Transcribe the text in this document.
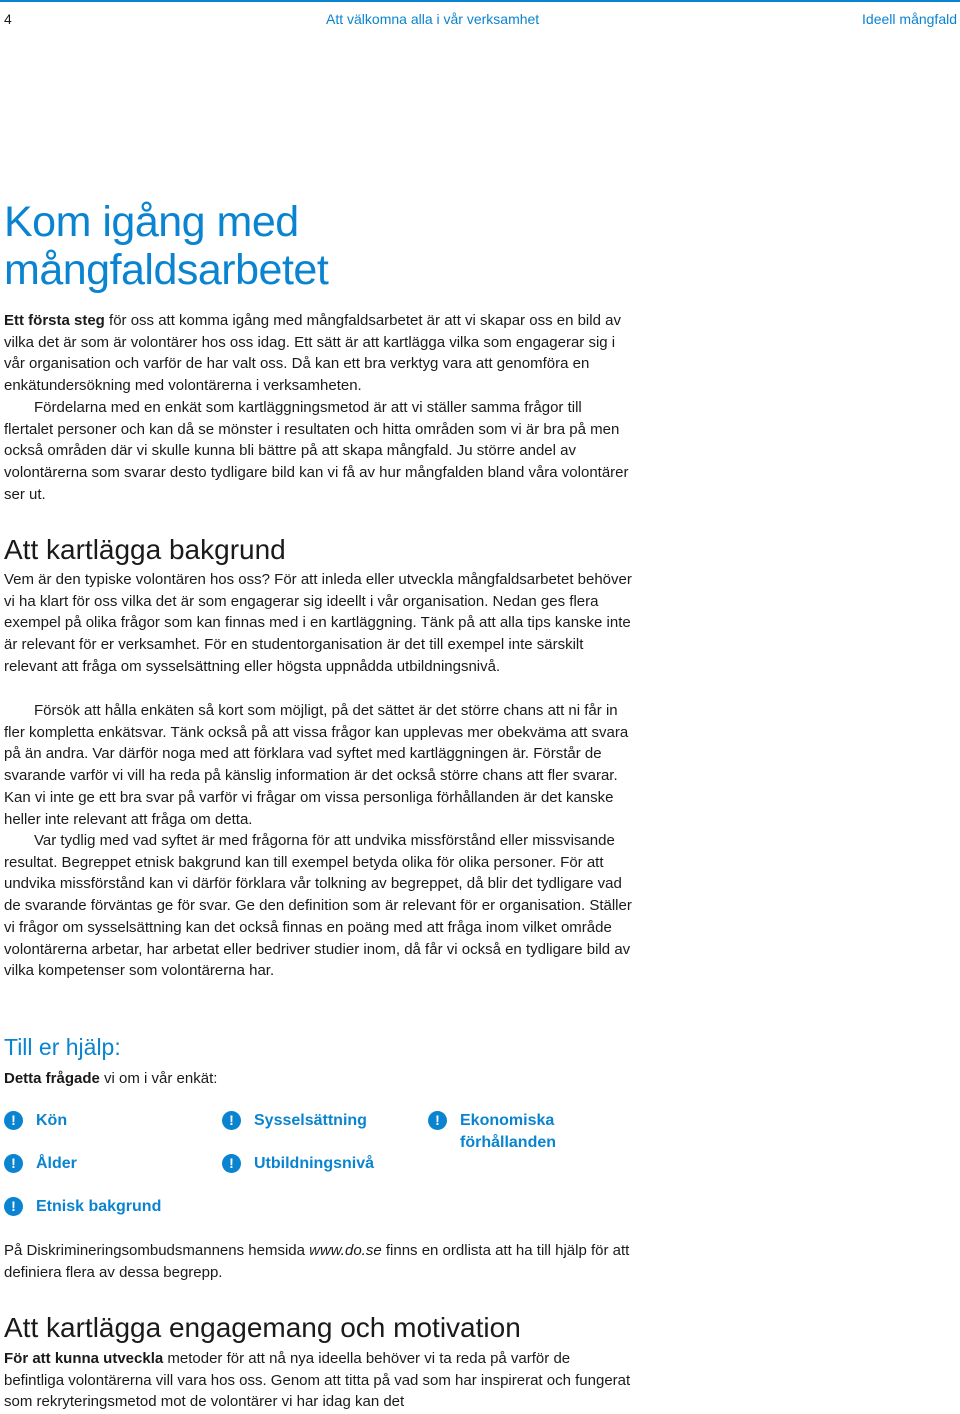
4	Att välkomna alla i vår verksamhet	Ideell mångfald
Kom igång med
mångfaldsarbetet

Ett första steg för oss att komma igång med mångfaldsarbetet är att vi skapar oss en bild av vilka det är som är volontärer hos oss idag. Ett sätt är att kartlägga vilka som engagerar sig i vår organisation och varför de har valt oss. Då kan ett bra verktyg vara att genomföra en enkätundersökning med volontärerna i verksamheten.

Fördelarna med en enkät som kartläggningsmetod är att vi ställer samma frågor till flertalet personer och kan då se mönster i resultaten och hitta områden som vi är bra på men också områden där vi skulle kunna bli bättre på att skapa mångfald. Ju större andel av volontärerna som svarar desto tydligare bild kan vi få av hur mångfalden bland våra volontärer ser ut.

Att kartlägga bakgrund

Vem är den typiske volontären hos oss? För att inleda eller utveckla mångfaldsarbetet behöver vi ha klart för oss vilka det är som engagerar sig ideellt i vår organisation. Nedan ges flera exempel på olika frågor som kan finnas med i en kartläggning. Tänk på att alla tips kanske inte är relevant för er verksamhet. För en studentorganisation är det till exempel inte särskilt relevant att fråga om sysselsättning eller högsta uppnådda utbildningsnivå.

Försök att hålla enkäten så kort som möjligt, på det sättet är det större chans att ni får in fler kompletta enkätsvar. Tänk också på att vissa frågor kan upplevas mer obekväma att svara på än andra. Var därför noga med att förklara vad syftet med kartläggningen är. Förstår de svarande varför vi vill ha reda på känslig information är det också större chans att fler svarar. Kan vi inte ge ett bra svar på varför vi frågar om vissa personliga förhållanden är det kanske heller inte relevant att fråga om detta.

Var tydlig med vad syftet är med frågorna för att undvika missförstånd eller missvisande resultat. Begreppet etnisk bakgrund kan till exempel betyda olika för olika personer. För att undvika missförstånd kan vi därför förklara vår tolkning av begreppet, då blir det tydligare vad de svarande förväntas ge för svar. Ge den definition som är relevant för er organisation. Ställer vi frågor om sysselsättning kan det också finnas en poäng med att fråga inom vilket område volontärerna arbetar, har arbetat eller bedriver studier inom, då får vi också en tydligare bild av vilka kompetenser som volontärerna har.

Till er hjälp:

Detta frågade vi om i vår enkät:

!	Kön	!	Sysselsättning	!	Ekonomiska förhållanden
!	Ålder	!	Utbildningsnivå
!	Etnisk bakgrund

På Diskrimineringsombudsmannens hemsida www.do.se finns en ordlista att ha till hjälp för att definiera flera av dessa begrepp.

Att kartlägga engagemang och motivation

För att kunna utveckla metoder för att nå nya ideella behöver vi ta reda på varför de befintliga volontärerna vill vara hos oss. Genom att titta på vad som har inspirerat och fungerat som rekryteringsmetod mot de volontärer vi har idag kan det
